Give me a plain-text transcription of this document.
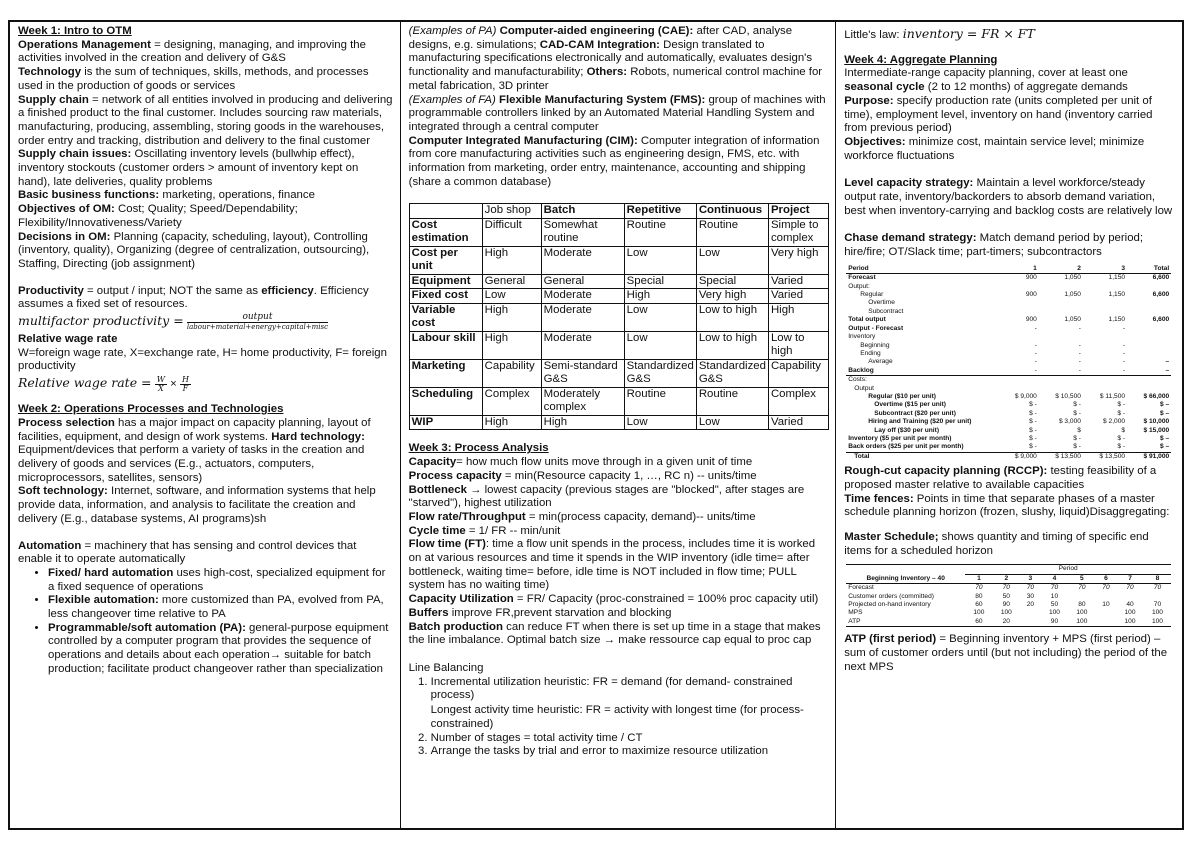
Week 1: Intro to OTM

Operations Management = designing, managing, and improving the activities involved in the creation and delivery of G&S

Technology is the sum of techniques, skills, methods, and processes used in the production of goods or services

Supply chain = network of all entities involved in producing and delivering a finished product to the final customer. Includes sourcing raw materials, manufacturing, producing, assembling, storing goods in the warehouses, order entry and tracking, distribution and delivery to the final customer

Supply chain issues: Oscillating inventory levels (bullwhip effect), inventory stockouts (customer orders > amount of inventory kept on hand), late deliveries, quality problems

Basic business functions: marketing, operations, finance

Objectives of OM: Cost; Quality; Speed/Dependability; Flexibility/Innovativeness/Variety

Decisions in OM: Planning (capacity, scheduling, layout), Controlling (inventory, quality), Organizing (degree of centralization, outsourcing), Staffing, Directing (job assignment)

Productivity = output / input; NOT the same as efficiency. Efficiency assumes a fixed set of resources.

multifactor productivity = $\frac{\text{output}}{\text{labour+material+energy+capital+misc}}$

Relative wage rate

W=foreign wage rate, X=exchange rate, H= home productivity, F= foreign productivity

Relative wage rate = $\frac{W}{X} \times \frac{H}{F}$

Week 2: Operations Processes and Technologies

Process selection has a major impact on capacity planning, layout of facilities, equipment, and design of work systems. Hard technology: Equipment/devices that perform a variety of tasks in the creation and delivery of goods and services (E.g., actuators, computers, microprocessors, satellites, sensors)

Soft technology: Internet, software, and information systems that help provide data, information, and analysis to facilitate the creation and delivery (E.g., database systems, AI programs)sh

Automation = machinery that has sensing and control devices that enable it to operate automatically

• Fixed/ hard automation uses high-cost, specialized equipment for a fixed sequence of operations
• Flexible automation: more customized than PA, evolved from PA, less changeover time relative to PA
• Programmable/soft automation (PA): general-purpose equipment controlled by a computer program that provides the sequence of operations and details about each operation→ suitable for batch production; facilitate product changeover rather than specialization

(Examples of PA) Computer-aided engineering (CAE): after CAD, analyse designs, e.g. simulations; CAD-CAM Integration: Design translated to manufacturing specifications electronically and automatically, evaluates design's functionality and manufacturability; Others: Robots, numerical control machine for metal fabrication, 3D printer

(Examples of FA) Flexible Manufacturing System (FMS): group of machines with programmable controllers linked by an Automated Material Handling System and integrated through a central computer

Computer Integrated Manufacturing (CIM): Computer integration of information from core manufacturing activities such as engineering design, FMS, etc. with information from marketing, order entry, maintenance, accounting and shipping (share a common database)

	Job shop	Batch	Repetitive	Continuous	Project
Cost estimation	Difficult	Somewhat routine	Routine	Routine	Simple to complex
Cost per unit	High	Moderate	Low	Low	Very high
Equipment	General	General	Special	Special	Varied
Fixed cost	Low	Moderate	High	Very high	Varied
Variable cost	High	Moderate	Low	Low to high	High
Labour skill	High	Moderate	Low	Low to high	Low to high
Marketing	Capability	Semi-standard G&S	Standardized G&S	Standardized G&S	Capability
Scheduling	Complex	Moderately complex	Routine	Routine	Complex
WIP	High	High	Low	Low	Varied

Week 3: Process Analysis

Capacity= how much flow units move through in a given unit of time

Process capacity = min(Resource capacity 1, …, RC n) -- units/time

Bottleneck → lowest capacity (previous stages are "blocked", after stages are "starved"), highest utilization

Flow rate/Throughput = min(process capacity, demand)-- units/time

Cycle time = 1/ FR -- min/unit

Flow time (FT): time a flow unit spends in the process, includes time it is worked on at various resources and time it spends in the WIP inventory (idle time= after bottleneck, waiting time= before, idle time is NOT included in flow time; PULL system has no waiting time)

Capacity Utilization = FR/ Capacity (proc-constrained = 100% proc capacity util)

Buffers improve FR,prevent starvation and blocking

Batch production can reduce FT when there is set up time in a stage that makes the line imbalance. Optimal batch size → make ressource cap equal to proc cap

Line Balancing

1. Incremental utilization heuristic: FR = demand (for demand- constrained process)
Longest activity time heuristic: FR = activity with longest time (for process-constrained)
2. Number of stages = total activity time / CT
3. Arrange the tasks by trial and error to maximize resource utilization

Little's law: inventory = FR × FT

Week 4: Aggregate Planning

Intermediate-range capacity planning, cover at least one seasonal cycle (2 to 12 months) of aggregate demands

Purpose: specify production rate (units completed per unit of time), employment level, inventory on hand (inventory carried from previous period)

Objectives: minimize cost, maintain service level; minimize workforce fluctuations

Level capacity strategy: Maintain a level workforce/steady output rate, inventory/backorders to absorb demand variation, best when inventory-carrying and backlog costs are relatively low

Chase demand strategy: Match demand period by period; hire/fire; OT/Slack time; part-timers; subcontractors

Period	1	2	3	Total
Forecast	900	1,050	1,150	6,600
Output:				
Regular	900	1,050	1,150	6,600
Overtime				
Subcontract				
Total output	900	1,050	1,150	6,600
Output - Forecast	-	-	-	
Inventory				
Beginning	-	-	-	
Ending	-	-	-	
Average	-	-	-	–
Backlog	-	-	-	–
Costs:				
Output				
Regular ($10 per unit)	$ 9,000	$ 10,500	$ 11,500	$ 66,000
Overtime ($15 per unit)	$ -	$ -	$ -	$ –
Subcontract ($20 per unit)	$ -	$ -	$ -	$ –
Hiring and Training ($20 per unit)	$ -	$ 3,000	$ 2,000	$ 10,000
Lay off ($30 per unit)	$ -	$	$	$ 15,000
Inventory ($5 per unit per month)	$ -	$ -	$ -	$ –
Back orders ($25 per unit per month)	$ -	$ -	$ -	$ –
Total	$ 9,000	$ 13,500	$ 13,500	$ 91,000

Rough-cut capacity planning (RCCP): testing feasibility of a proposed master relative to available capacities

Time fences: Points in time that separate phases of a master schedule planning horizon (frozen, slushy, liquid)Disaggregating:

Master Schedule; shows quantity and timing of specific end items for a scheduled horizon

	Period							
Beginning Inventory – 40	1	2	3	4	5	6	7	8
Forecast	70	70	70	70	70	70	70	70
Customer orders (committed)	80	50	30	10				
Projected on-hand inventory	60	90	20	50	80	10	40	70
MPS	100	100		100	100		100	100
ATP	60	20		90	100		100	100

ATP (first period) = Beginning inventory + MPS (first period) – sum of customer orders until (but not including) the period of the next MPS
